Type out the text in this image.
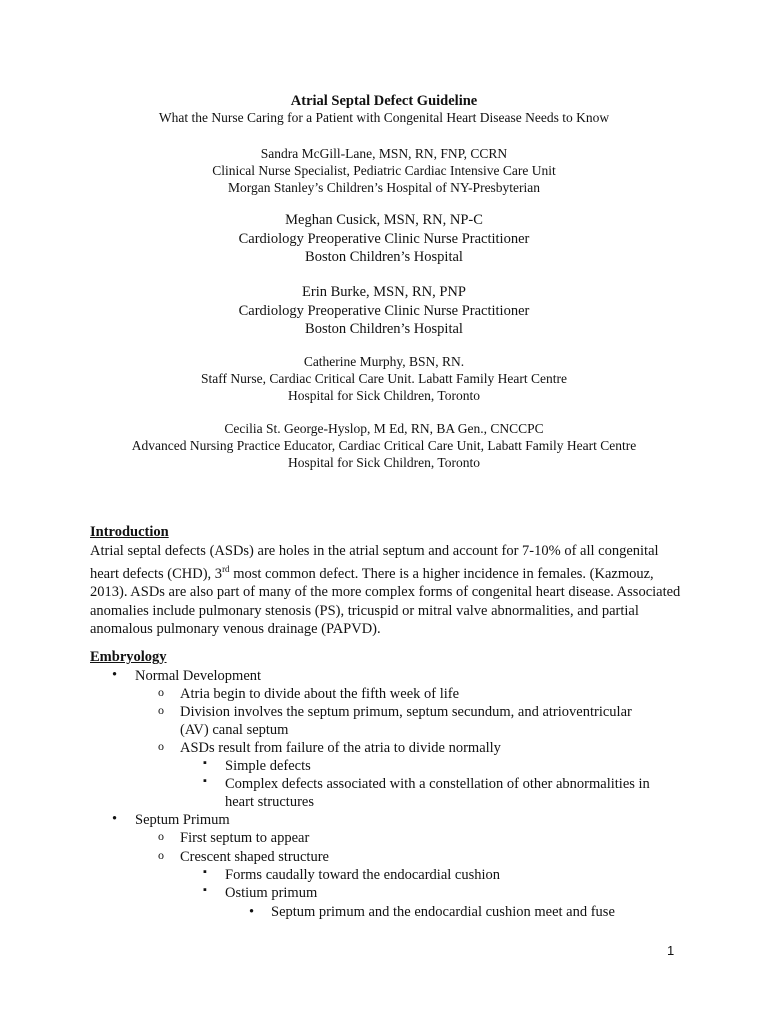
Atrial Septal Defect Guideline
What the Nurse Caring for a Patient with Congenital Heart Disease Needs to Know
Sandra McGill-Lane, MSN, RN, FNP, CCRN
Clinical Nurse Specialist, Pediatric Cardiac Intensive Care Unit
Morgan Stanley’s Children’s Hospital of NY-Presbyterian
Meghan Cusick, MSN, RN, NP-C
Cardiology Preoperative Clinic Nurse Practitioner
Boston Children’s Hospital
Erin Burke, MSN, RN, PNP
Cardiology Preoperative Clinic Nurse Practitioner
Boston Children’s Hospital
Catherine Murphy, BSN, RN.
Staff Nurse, Cardiac Critical Care Unit. Labatt Family Heart Centre
Hospital for Sick Children, Toronto
Cecilia St. George-Hyslop, M Ed, RN, BA Gen., CNCCPC
Advanced Nursing Practice Educator, Cardiac Critical Care Unit, Labatt Family Heart Centre
Hospital for Sick Children, Toronto
Introduction
Atrial septal defects (ASDs) are holes in the atrial septum and account for 7-10% of all congenital heart defects (CHD), 3rd most common defect. There is a higher incidence in females. (Kazmouz, 2013). ASDs are also part of many of the more complex forms of congenital heart disease. Associated anomalies include pulmonary stenosis (PS), tricuspid or mitral valve abnormalities, and partial anomalous pulmonary venous drainage (PAPVD).
Embryology
•
o
o
o
▪
▪
•
o
o
▪
▪
•
Normal Development
Atria begin to divide about the fifth week of life
Division involves the septum primum, septum secundum, and atrioventricular
(AV) canal septum
ASDs result from failure of the atria to divide normally
Simple defects
Complex defects associated with a constellation of other abnormalities in
heart structures
Septum Primum
First septum to appear
Crescent shaped structure
Forms caudally toward the endocardial cushion
Ostium primum
Septum primum and the endocardial cushion meet and fuse
1
